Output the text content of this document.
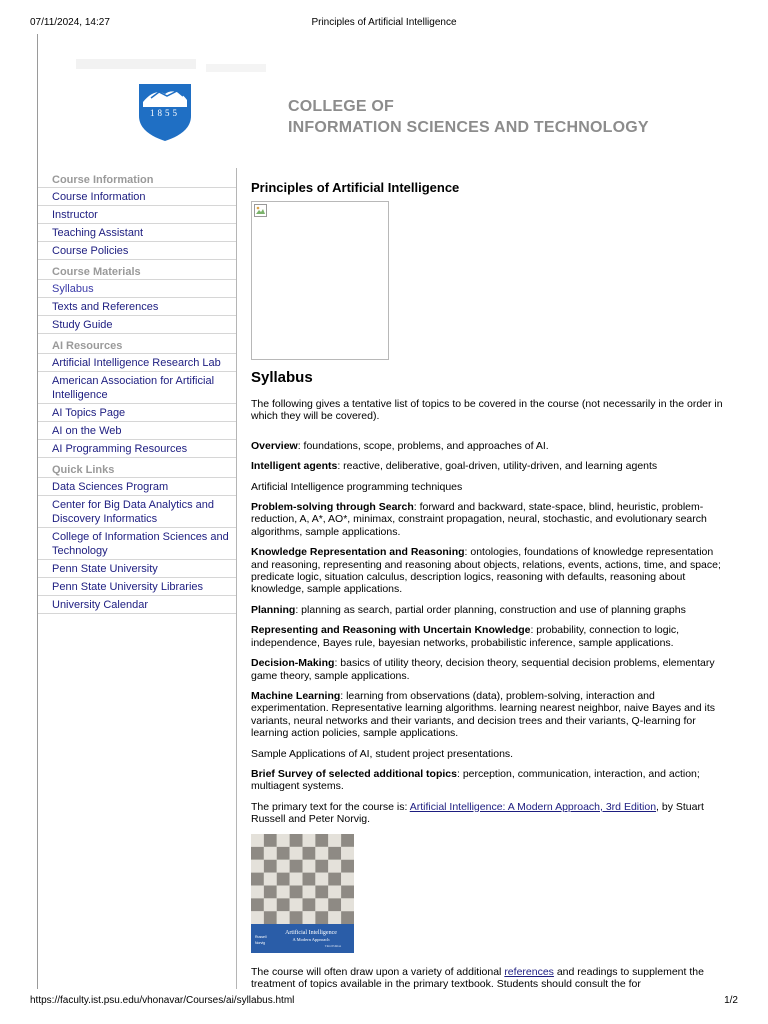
07/11/2024, 14:27	Principles of Artificial Intelligence
1855	COLLEGE OF
INFORMATION SCIENCES AND TECHNOLOGY
Course Information
Course Information
Instructor
Teaching Assistant
Course Policies
Course Materials
Syllabus
Texts and References
Study Guide
AI Resources
Artificial Intelligence Research Lab
American Association for Artificial Intelligence
AI Topics Page
AI on the Web
AI Programming Resources
Quick Links
Data Sciences Program
Center for Big Data Analytics and Discovery Informatics
College of Information Sciences and Technology
Penn State University
Penn State University Libraries
University Calendar
Principles of Artificial Intelligence
Syllabus

The following gives a tentative list of topics to be covered in the course (not necessarily in the order in which they will be covered).

Overview: foundations, scope, problems, and approaches of AI.

Intelligent agents: reactive, deliberative, goal-driven, utility-driven, and learning agents

Artificial Intelligence programming techniques

Problem-solving through Search: forward and backward, state-space, blind, heuristic, problem-reduction, A, A*, AO*, minimax, constraint propagation, neural, stochastic, and evolutionary search algorithms, sample applications.

Knowledge Representation and Reasoning: ontologies, foundations of knowledge representation and reasoning, representing and reasoning about objects, relations, events, actions, time, and space; predicate logic, situation calculus, description logics, reasoning with defaults, reasoning about knowledge, sample applications.

Planning: planning as search, partial order planning, construction and use of planning graphs

Representing and Reasoning with Uncertain Knowledge: probability, connection to logic, independence, Bayes rule, bayesian networks, probabilistic inference, sample applications.

Decision-Making: basics of utility theory, decision theory, sequential decision problems, elementary game theory, sample applications.

Machine Learning: learning from observations (data), problem-solving, interaction and experimentation. Representative learning algorithms. learning nearest neighbor, naive Bayes and its variants, neural networks and their variants, and decision trees and their variants, Q-learning for learning action policies, sample applications.

Sample Applications of AI, student project presentations.

Brief Survey of selected additional topics: perception, communication, interaction, and action; multiagent systems.

The primary text for the course is: Artificial Intelligence: A Modern Approach, 3rd Edition, by Stuart Russell and Peter Norvig.

Artificial Intelligence
A Modern Approach
Third Edition
Russell
Norvig

The course will often draw upon a variety of additional references and readings to supplement the treatment of topics available in the primary textbook. Students should consult the for

https://faculty.ist.psu.edu/vhonavar/Courses/ai/syllabus.html	1/2
